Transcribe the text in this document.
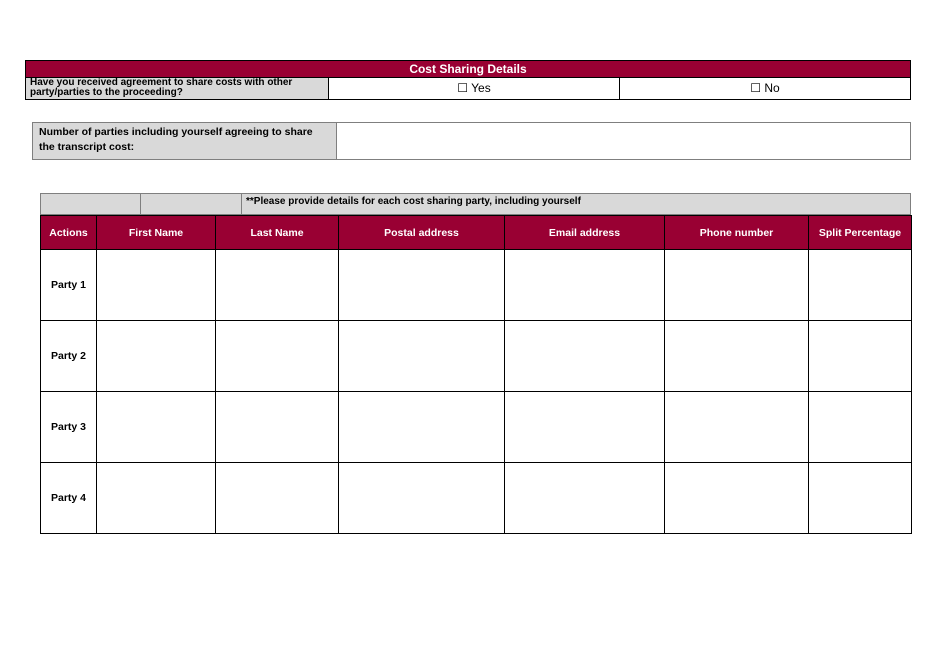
Cost Sharing Details
Have you received agreement to share costs with other party/parties to the proceeding?	☐ Yes	☐ No
Number of parties including yourself agreeing to share the transcript cost:
**Please provide details for each cost sharing party, including yourself
Actions	First Name	Last Name	Postal address	Email address	Phone number	Split Percentage
Party 1						
Party 2						
Party 3						
Party 4						
